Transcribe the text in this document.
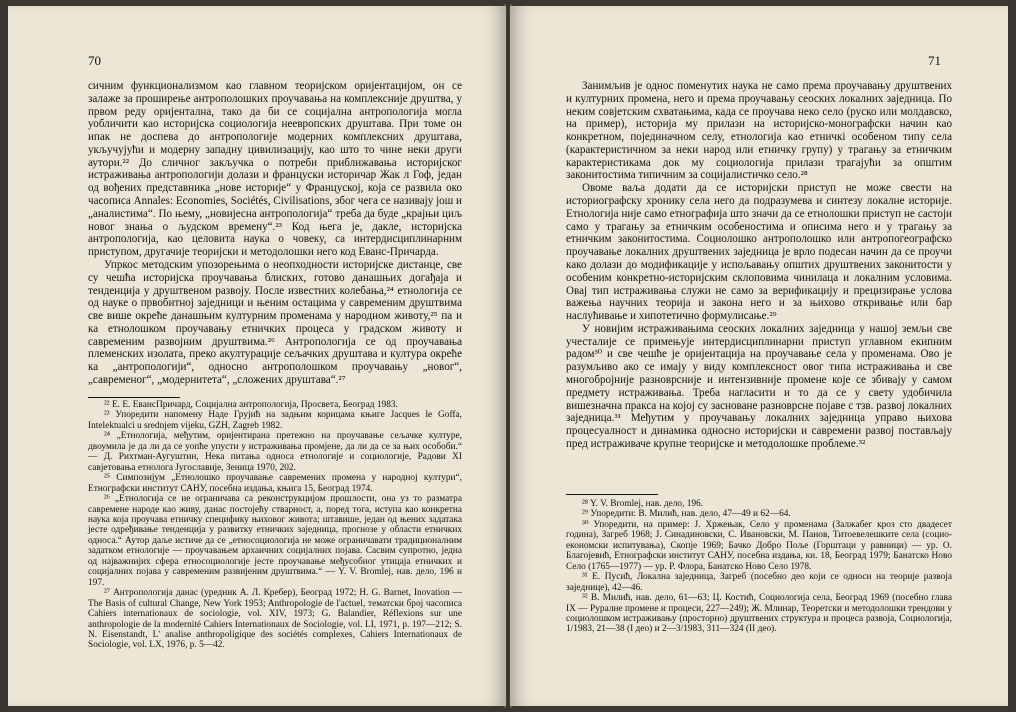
70

сичним функционализмом као главном теоријском оријентацијом, он се залаже за проширење антрополошких проучавања на комплексније друштва, у првом реду оријентална, тако да би се социјална антропологија могла уобличити као историјска социологија неевропских друштава. При томе он ипак не доспева до антропологије модерних комплексних друштава, укључујући и модерну западну цивилизацију, као што то чине неки други аутори.²² До сличног закључка о потреби приближавања историјског истраживања антропологији долази и француски историчар Жак л Гоф, један од вођених представника „нове историје“ у Француској, која се развила око часописа Annales: Economies, Sociétés, Civilisations, због чега се називају још и „аналистима“. По њему, „новијесна антропологија“ треба да буде „крајњи циљ новог знања о људском времену“.²³ Код њега је, дакле, историјска антропологија, као целовита наука о човеку, са интердисциплинарним приступом, другачије теоријски и методолошки него код Еванс-Причарда.

Упркос методским упозорењима о неопходности историјске дистанце, све су чешћа историјска проучавања блиских, готово данашњих догађаја и тенденција у друштвеном развоју. После известних колебања,²⁴ етнологија се од науке о првобитној заједници и њеним остацима у савременим друштвима све више окреће данашњим културним променама у народном животу,²⁵ па и ка етнолошком проучавању етничких процеса у градском животу и савременим развојним друштвима.²⁶ Антропологија се од проучавања племенских изолата, преко акултурације сељачких друштава и културa окреће ка „антропологији“, односно антрополошком проучавању „новог“, „савременог“, „модернитета“, „сложених друштава“.²⁷

²² Е. Е. ЕвансПричард, Социјална антропологија, Просвета, Београд 1983.

²³ Упоредити напомену Наде Грујић на задњим корицама књиге Jacques le Goffa, Intelektualci u srednjem vijeku, GZH, Zagreb 1982.

²⁴ „Етнологија, међутим, оријентирана претежно на проучавање сељачке културе, двоумила је да ли да се уопће упусти у истраживања промјене, да ли да се за њих особоби.“ — Д. Рихтман-Аугуштин, Нека питања односа етнологије и социологије, Радови XI савјетовања етнолога Југославије, Зеница 1970, 202.

²⁵ Симпозијум „Етнолошко проучавање савремених промена у народној култури“, Етнографски институт САНУ, посебна издања, књига 15, Београд 1974.

²⁶ „Етнологија се не ограничава са реконструкцијом прошлости, она уз то разматра савремене народе као живу, данас постојећу стварност, а, поред тога, иступа као конкретна наука која проучава етничку специфику њиховог живота; штавише, један од њених задатака јесте одређивање тенденција у развитку етничких заједница, прогнозе у области етничких односа.“ Аутор даље истиче да се „етносоциологија не може ограничавати традиционалним задатком етнологије — проучавањем архаичних социјалних појава. Сасвим супротно, једна од најважнијих сфера етносоциологије јесте проучавање међусобног утицаја етничких и социјалних појава у савременим развијеним друштвима.“ — Y. V. Bromlej, нав. дело, 196 и 197.

²⁷ Антропологија данас (уредник А. Л. Кребер), Београд 1972; H. G. Barnet, Inovation — The Basis of cultural Change, New York 1953; Anthropologie de l'actuel, тематски број часописа Cahiers internationaux de sociologie, vol. XIV, 1973; G. Balandier, Réflexions sur une anthropologie de la modernité Cahiers Internationaux de Sociologie, vol. LI, 1971, p. 197—212; S. N. Eisenstandt, L' analise anthropoligique des sociétés complexes, Cahiers Internationaux de Sociologie, vol. LX, 1976, p. 5—42.

71

Занимљив је однос поменутих наука не само према проучавању друштвених и културних промена, него и према проучавању сеоских локалних заједница. По неким совјетским схватањима, када се проучава неко село (руско или молдавско, на пример), историја му прилази на историјско-монографски начин као конкретном, појединачном селу, етнологија као етничкi особеном типу села (карактеристичном за неки народ или етничку групу) у трагању за етничким карактеристикама док му социологија прилази трагајући за општим законитостима типичним за социјалистичко село.²⁸

Овоме ваља додати да се историјски приступ не може свести на историографску хронику села него да подразумева и синтезу локалне историје. Етнологија није само етнографија што значи да се етнолошки приступ не састоји само у трагању за етничким особеностима и описима него и у трагању за етничким законитостима. Социолошко антрополошко или антропогеографско проучавање локалних друштвених заједница је врло подесан начин да се проучи како долази до модификације у испољавању општих друштвених законитости у особеним конкретно-историјским склоповима чинилаца и локалним условима. Овај тип истраживања служи не само за верификацију и прецизирање услова важења научних теорија и закона него и за њихово откривање или бар наслућивање и хипотетично формулисање.²⁹

У новијим истраживањима сеоских локалних заједница у нашој земљи све учесталије се примењује интердисциплинарни приступ углавном екипним радом³⁰ и све чешће је оријентација на проучавање села у променама. Ово је разумљиво ако се имају у виду комплексност овог типа истраживања и све многобројније разноврсније и интензивније промене које се збивају у самом предмету истраживања. Треба нагласити и то да се у свету удобичила вишезначна пракса на којој су засноване разноврсне појаве с тзв. развој локалних заједница.³¹ Међутим у проучавању локалних заједница управо њихова процесуалност и динамика односно историјски и савремени развој постављају пред истраживаче крупне теоријске и методолошке проблеме.³²

²⁸ Y. V. Bromlej, нав. дело, 196.

²⁹ Упоредити: В. Милић, нав. дело, 47—49 и 62—64.

³⁰ Упоредити, на пример: Ј. Хржењак, Село у променама (Залжабег кроз сто двадесет година), Загреб 1968; Ј. Синадиновски, С. Ивановски, М. Панов, Титоевелешките села (социо-економски испитувања), Скопје 1969; Бачко Добро Поље (Горштаци у равници) — ур. О. Благојевић, Етнографски институт САНУ, посебна издања, кн. 18, Београд 1979; Банатско Ново Село (1765—1977) — ур. Р. Флора, Банатско Ново Село 1978.

³¹ Е. Пусић, Локална заједница, Загреб (посебно део који се односи на теорије развоја заједнице), 42—46.

³² В. Милић, нав. дело, 61—63; Ц. Костић, Социологија села, Београд 1969 (посебно глава IX — Руралне промене и процеси, 227—249); Ж. Млинар, Теоретски и методолошки трендови у социолошком истраживању (просторно) друштвених структура и процеса развоја, Социологија, 1/1983, 21—38 (I део) и 2—3/1983, 311—324 (II део).
